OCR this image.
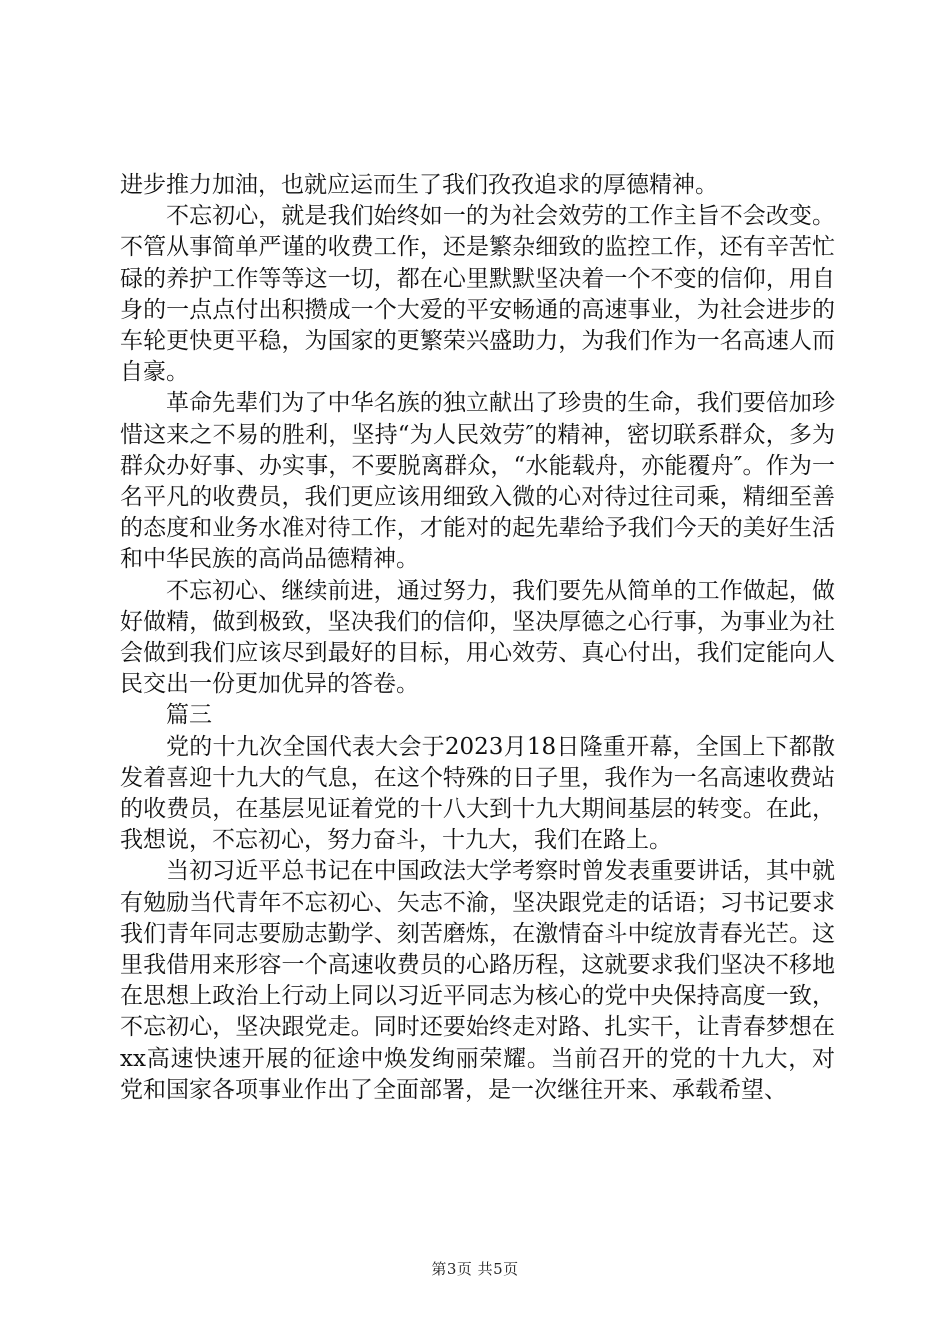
进步推力加油，也就应运而生了我们孜孜追求的厚德精神。

不忘初心，就是我们始终如一的为社会效劳的工作主旨不会改变。不管从事简单严谨的收费工作，还是繁杂细致的监控工作，还有辛苦忙碌的养护工作等等这一切，都在心里默默坚决着一个不变的信仰，用自身的一点点付出积攒成一个大爱的平安畅通的高速事业，为社会进步的车轮更快更平稳，为国家的更繁荣兴盛助力，为我们作为一名高速人而自豪。

革命先辈们为了中华名族的独立献出了珍贵的生命，我们要倍加珍惜这来之不易的胜利，坚持“为人民效劳″的精神，密切联系群众，多为群众办好事、办实事，不要脱离群众，“水能载舟，亦能覆舟″。作为一名平凡的收费员，我们更应该用细致入微的心对待过往司乘，精细至善的态度和业务水准对待工作，才能对的起先辈给予我们今天的美好生活和中华民族的高尚品德精神。

不忘初心、继续前进，通过努力，我们要先从简单的工作做起，做好做精，做到极致，坚决我们的信仰，坚决厚德之心行事，为事业为社会做到我们应该尽到最好的目标，用心效劳、真心付出，我们定能向人民交出一份更加优异的答卷。

篇三

党的十九次全国代表大会于2023月18日隆重开幕，全国上下都散发着喜迎十九大的气息，在这个特殊的日子里，我作为一名高速收费站的收费员，在基层见证着党的十八大到十九大期间基层的转变。在此，我想说，不忘初心，努力奋斗，十九大，我们在路上。

当初习近平总书记在中国政法大学考察时曾发表重要讲话，其中就有勉励当代青年不忘初心、矢志不渝，坚决跟党走的话语；习书记要求我们青年同志要励志勤学、刻苦磨炼，在激情奋斗中绽放青春光芒。这里我借用来形容一个高速收费员的心路历程，这就要求我们坚决不移地在思想上政治上行动上同以习近平同志为核心的党中央保持高度一致，不忘初心，坚决跟党走。同时还要始终走对路、扎实干，让青春梦想在xx高速快速开展的征途中焕发绚丽荣耀。当前召开的党的十九大，对党和国家各项事业作出了全面部署，是一次继往开来、承载希望、

第3页 共5页
